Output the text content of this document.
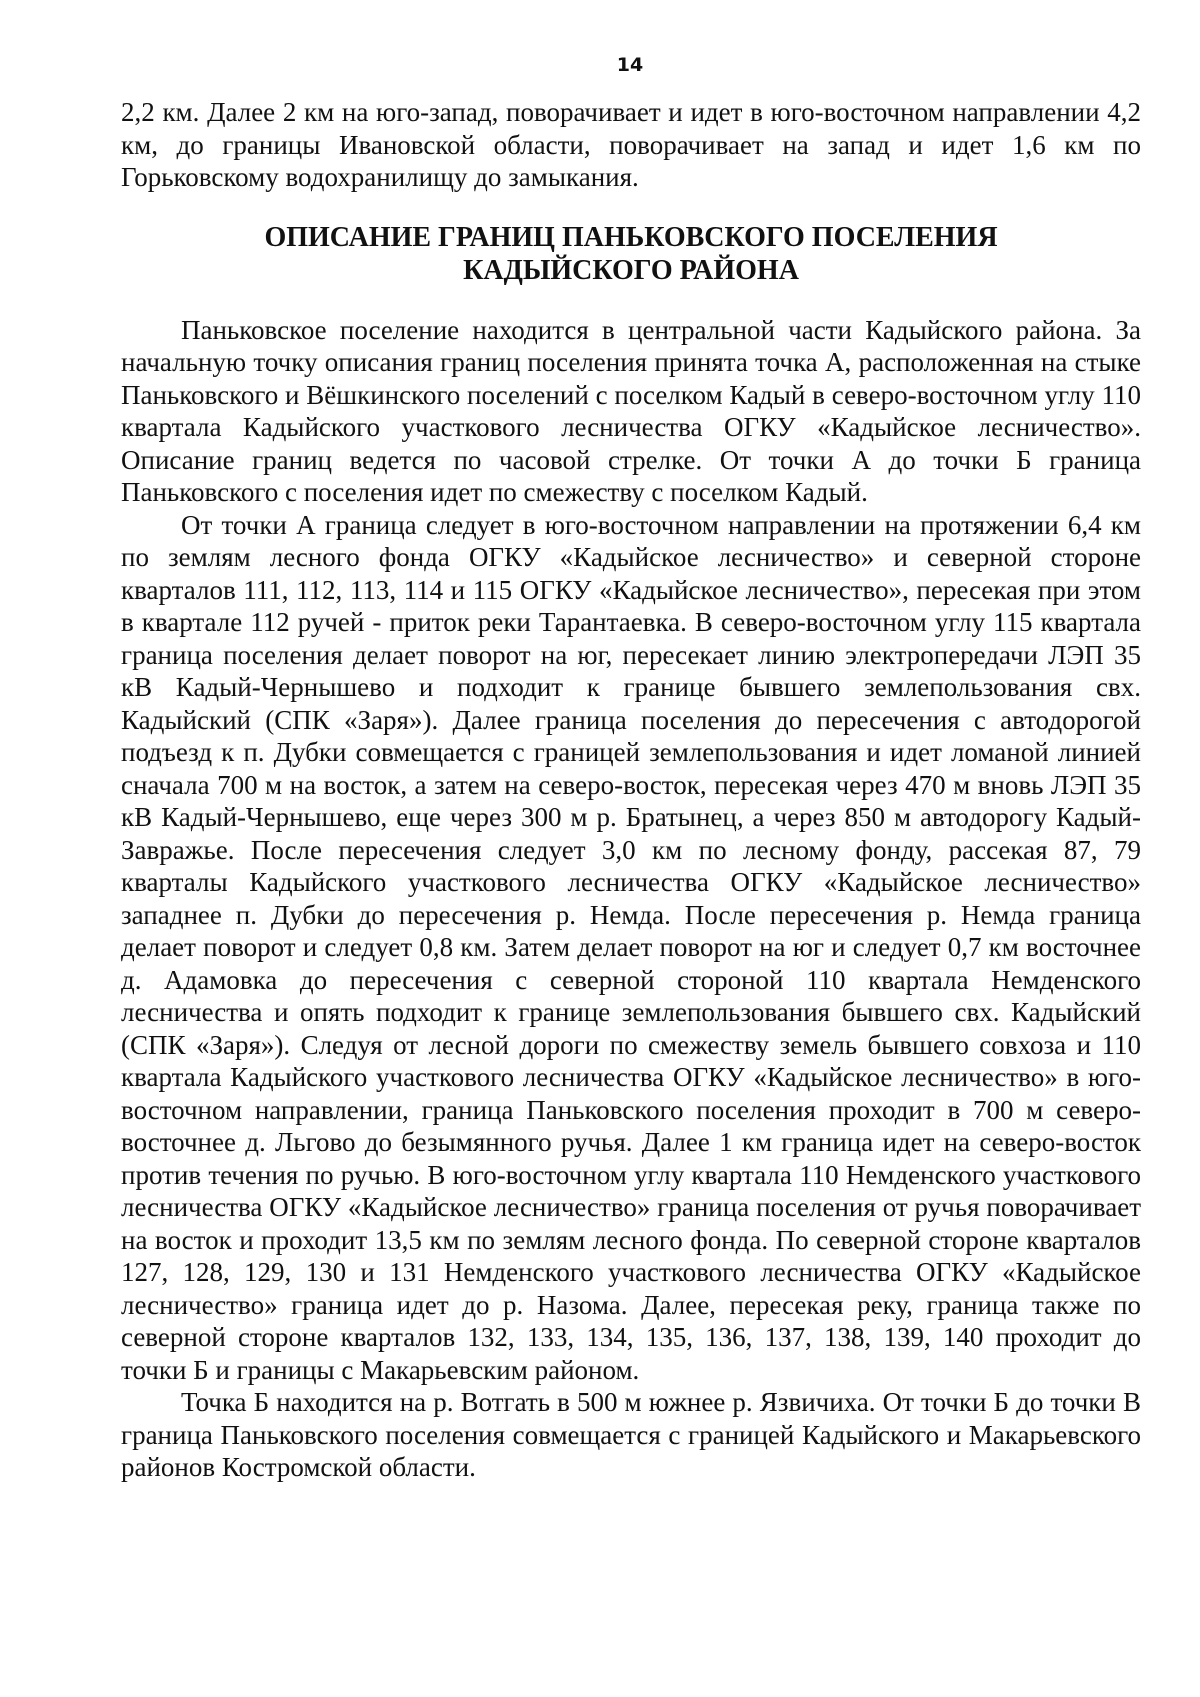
14

2,2 км. Далее 2 км на юго-запад, поворачивает и идет в юго-восточном направлении 4,2 км, до границы Ивановской области, поворачивает на запад и идет 1,6 км по Горьковскому водохранилищу до замыкания.

ОПИСАНИЕ ГРАНИЦ ПАНЬКОВСКОГО ПОСЕЛЕНИЯ
КАДЫЙСКОГО РАЙОНА

Паньковское поселение находится в центральной части Кадыйского района. За начальную точку описания границ поселения принята точка А, расположенная на стыке Паньковского и Вёшкинского поселений с поселком Кадый в северо-восточном углу 110 квартала Кадыйского участкового лесничества ОГКУ «Кадыйское лесничество». Описание границ ведется по часовой стрелке. От точки А до точки Б граница Паньковского с поселения идет по смежеству с поселком Кадый.

От точки А граница следует в юго-восточном направлении на протяжении 6,4 км по землям лесного фонда ОГКУ «Кадыйское лесничество» и северной стороне кварталов 111, 112, 113, 114 и 115 ОГКУ «Кадыйское лесничество», пересекая при этом в квартале 112 ручей - приток реки Тарантаевка. В северо-восточном углу 115 квартала граница поселения делает поворот на юг, пересекает линию электропередачи ЛЭП 35 кВ Кадый-Чернышево и подходит к границе бывшего землепользования свх. Кадыйский (СПК «Заря»). Далее граница поселения до пересечения с автодорогой подъезд к п. Дубки совмещается с границей землепользования и идет ломаной линией сначала 700 м на восток, а затем на северо-восток, пересекая через 470 м вновь ЛЭП 35 кВ Кадый-Чернышево, еще через 300 м р. Братынец, а через 850 м автодорогу Кадый-Завражье. После пересечения следует 3,0 км по лесному фонду, рассекая 87, 79 кварталы Кадыйского участкового лесничества ОГКУ «Кадыйское лесничество» западнее п. Дубки до пересечения р. Немда. После пересечения р. Немда граница делает поворот и следует 0,8 км. Затем делает поворот на юг и следует 0,7 км восточнее д. Адамовка до пересечения с северной стороной 110 квартала Немденского лесничества и опять подходит к границе землепользования бывшего свх. Кадыйский (СПК «Заря»). Следуя от лесной дороги по смежеству земель бывшего совхоза и 110 квартала Кадыйского участкового лесничества ОГКУ «Кадыйское лесничество» в юго-восточном направлении, граница Паньковского поселения проходит в 700 м северо-восточнее д. Льгово до безымянного ручья. Далее 1 км граница идет на северо-восток против течения по ручью. В юго-восточном углу квартала 110 Немденского участкового лесничества ОГКУ «Кадыйское лесничество» граница поселения от ручья поворачивает на восток и проходит 13,5 км по землям лесного фонда. По северной стороне кварталов 127, 128, 129, 130 и 131 Немденского участкового лесничества ОГКУ «Кадыйское лесничество» граница идет до р. Назома. Далее, пересекая реку, граница также по северной стороне кварталов 132, 133, 134, 135, 136, 137, 138, 139, 140 проходит до точки Б и границы с Макарьевским районом.

Точка Б находится на р. Вотгать в 500 м южнее р. Язвичиха. От точки Б до точки В граница Паньковского поселения совмещается с границей Кадыйского и Макарьевского районов Костромской области.
